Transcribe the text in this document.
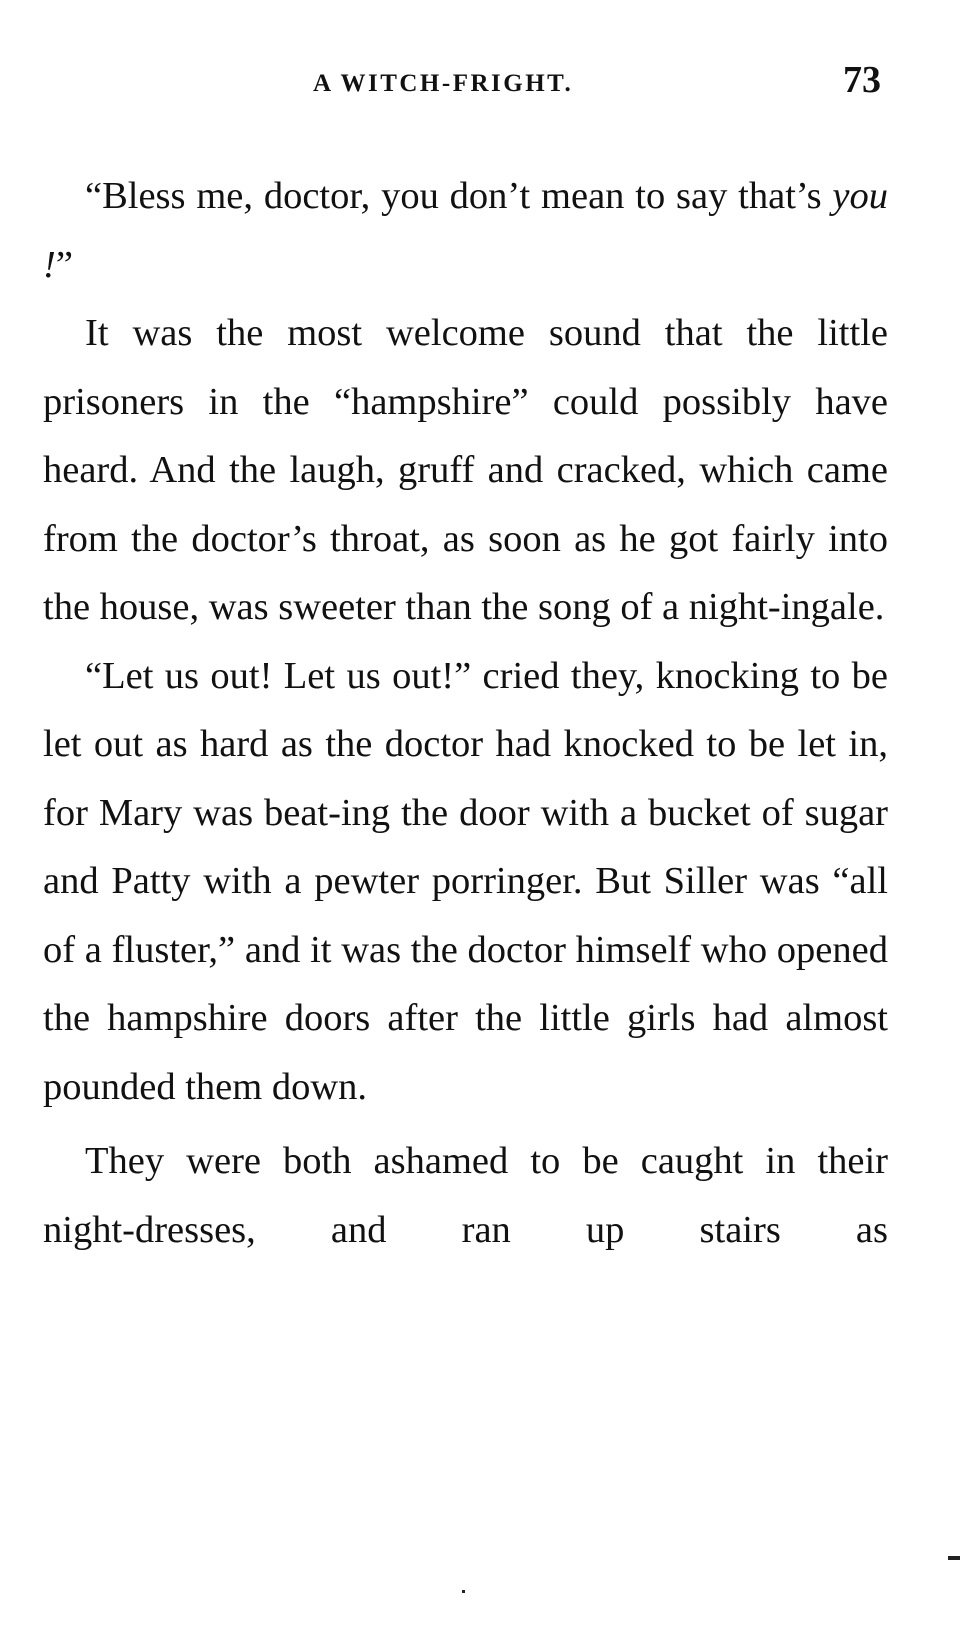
A WITCH-FRIGHT.	73

“Bless me, doctor, you don’t mean to say that’s you !”

It was the most welcome sound that the little prisoners in the “hampshire” could possibly have heard. And the laugh, gruff and cracked, which came from the doctor’s throat, as soon as he got fairly into the house, was sweeter than the song of a night-ingale.

“Let us out! Let us out!” cried they, knocking to be let out as hard as the doctor had knocked to be let in, for Mary was beat-ing the door with a bucket of sugar and Patty with a pewter porringer. But Siller was “all of a fluster,” and it was the doctor himself who opened the hampshire doors after the little girls had almost pounded them down.

They were both ashamed to be caught in their night-dresses, and ran up stairs as
